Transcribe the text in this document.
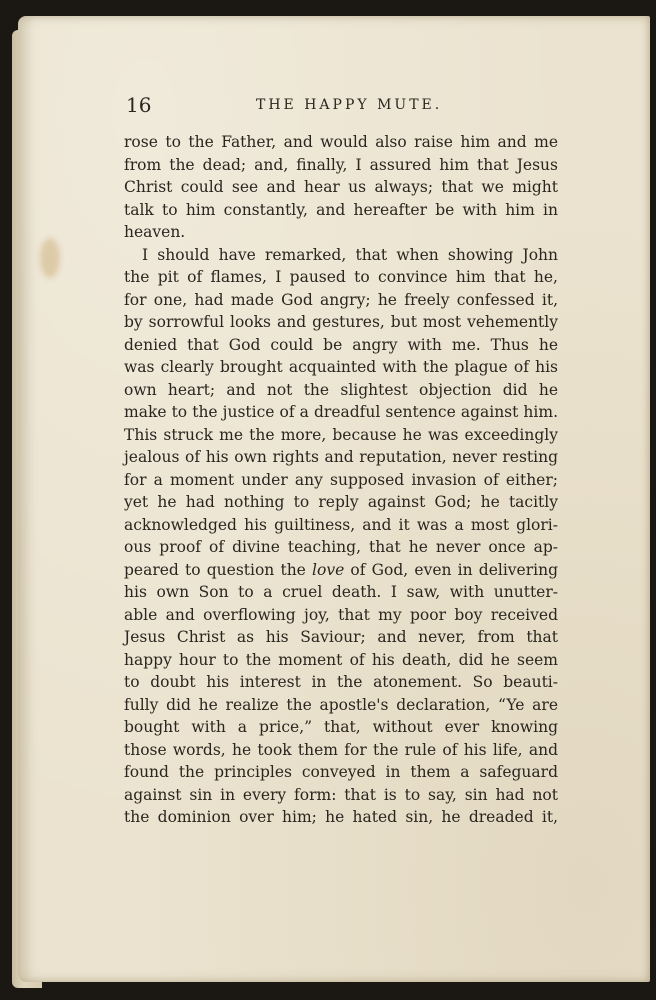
16	THE HAPPY MUTE.
rose to the Father, and would also raise him and me
from the dead; and, finally, I assured him that Jesus
Christ could see and hear us always; that we might
talk to him constantly, and hereafter be with him in
heaven.
I should have remarked, that when showing John
the pit of flames, I paused to convince him that he,
for one, had made God angry; he freely confessed it,
by sorrowful looks and gestures, but most vehemently
denied that God could be angry with me. Thus he
was clearly brought acquainted with the plague of his
own heart; and not the slightest objection did he
make to the justice of a dreadful sentence against him.
This struck me the more, because he was exceedingly
jealous of his own rights and reputation, never resting
for a moment under any supposed invasion of either;
yet he had nothing to reply against God; he tacitly
acknowledged his guiltiness, and it was a most glori-
ous proof of divine teaching, that he never once ap-
peared to question the love of God, even in delivering
his own Son to a cruel death. I saw, with unutter-
able and overflowing joy, that my poor boy received
Jesus Christ as his Saviour; and never, from that
happy hour to the moment of his death, did he seem
to doubt his interest in the atonement. So beauti-
fully did he realize the apostle's declaration, “Ye are
bought with a price,” that, without ever knowing
those words, he took them for the rule of his life, and
found the principles conveyed in them a safeguard
against sin in every form: that is to say, sin had not
the dominion over him; he hated sin, he dreaded it,
